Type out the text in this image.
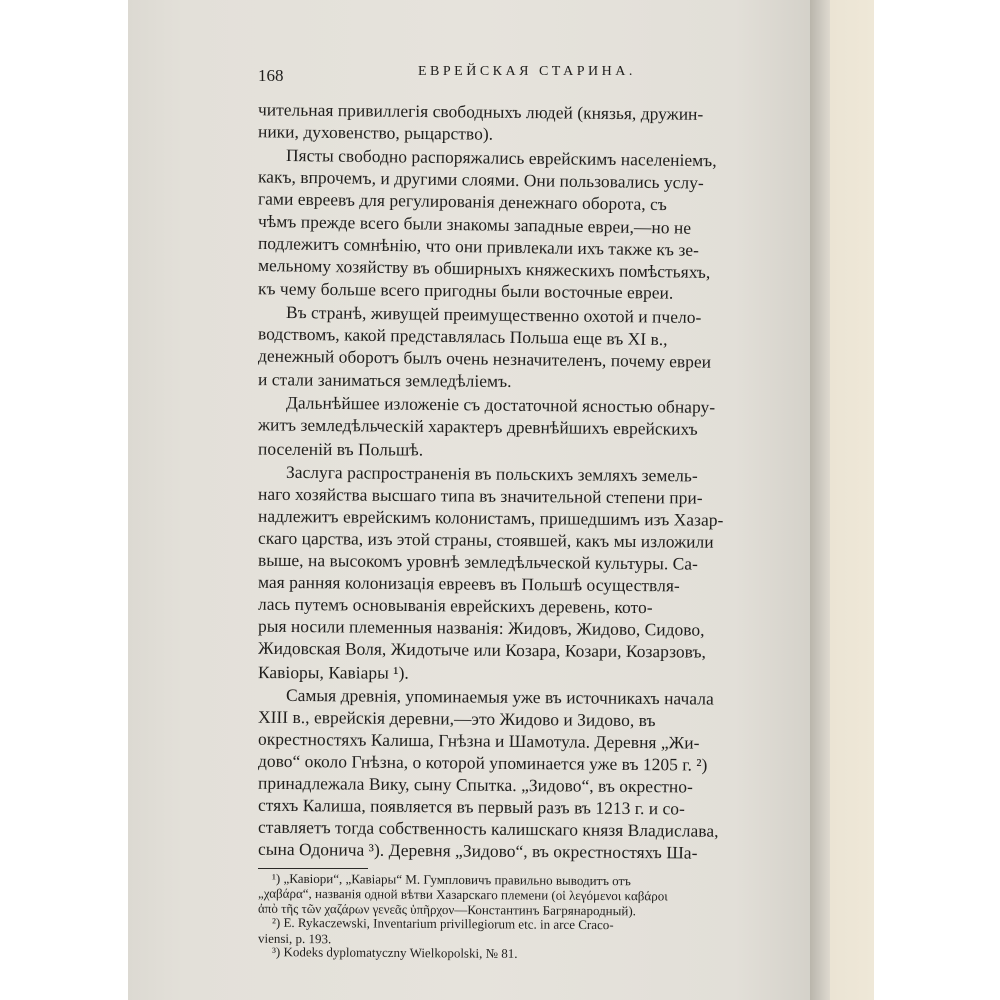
168	ЕВРЕЙСКАЯ СТАРИНА.
чительная привиллегія свободныхъ людей (князья, дружин-
ники, духовенство, рыцарство).
Пясты свободно распоряжались еврейскимъ населеніемъ,
какъ, впрочемъ, и другими слоями. Они пользовались услу-
гами евреевъ для регулированія денежнаго оборота, съ
чѣмъ прежде всего были знакомы западные евреи,—но не
подлежитъ сомнѣнію, что они привлекали ихъ также къ зе-
мельному хозяйству въ обширныхъ княжескихъ помѣстьяхъ,
къ чему больше всего пригодны были восточные евреи.
Въ странѣ, живущей преимущественно охотой и пчело-
водствомъ, какой представлялась Польша еще въ XI в.,
денежный оборотъ былъ очень незначителенъ, почему евреи
и стали заниматься земледѣліемъ.
Дальнѣйшее изложеніе съ достаточной ясностью обнару-
житъ земледѣльческій характеръ древнѣйшихъ еврейскихъ
поселеній въ Польшѣ.
Заслуга распространенія въ польскихъ земляхъ земель-
наго хозяйства высшаго типа въ значительной степени при-
надлежитъ еврейскимъ колонистамъ, пришедшимъ изъ Хазар-
скаго царства, изъ этой страны, стоявшей, какъ мы изложили
выше, на высокомъ уровнѣ земледѣльческой культуры. Са-
мая ранняя колонизація евреевъ въ Польшѣ осуществля-
лась путемъ основыванія еврейскихъ деревень, кото-
рыя носили племенныя названія: Жидовъ, Жидово, Сидово,
Жидовская Воля, Жидотыче или Козара, Козари, Козарзовъ,
Кавіоры, Кавіары ¹).
Самыя древнія, упоминаемыя уже въ источникахъ начала
XIII в., еврейскія деревни,—это Жидово и Зидово, въ
окрестностяхъ Калиша, Гнѣзна и Шамотула. Деревня „Жи-
дово“ около Гнѣзна, о которой упоминается уже въ 1205 г. ²)
принадлежала Вику, сыну Спытка. „Зидово“, въ окрестно-
стяхъ Калиша, появляется въ первый разъ въ 1213 г. и со-
ставляетъ тогда собственность калишскаго князя Владислава,
сына Одонича ³). Деревня „Зидово“, въ окрестностяхъ Ша-
¹) „Кавіори“, „Кавіары“ М. Гумпловичъ правильно выводитъ отъ
„χαβάρα“, названія одной вѣтви Хазарскаго племени (οἱ λεγόμενοι καβάροι
ἀπὸ τῆς τῶν χαζάρων γενεᾶς ὑπῆρχον—Константинъ Багрянародный).
²) E. Rykaczewski, Inventarium privillegiorum etc. in arce Craco-
viensi, p. 193.
³) Kodeks dyplomatyczny Wielkopolski, № 81.
